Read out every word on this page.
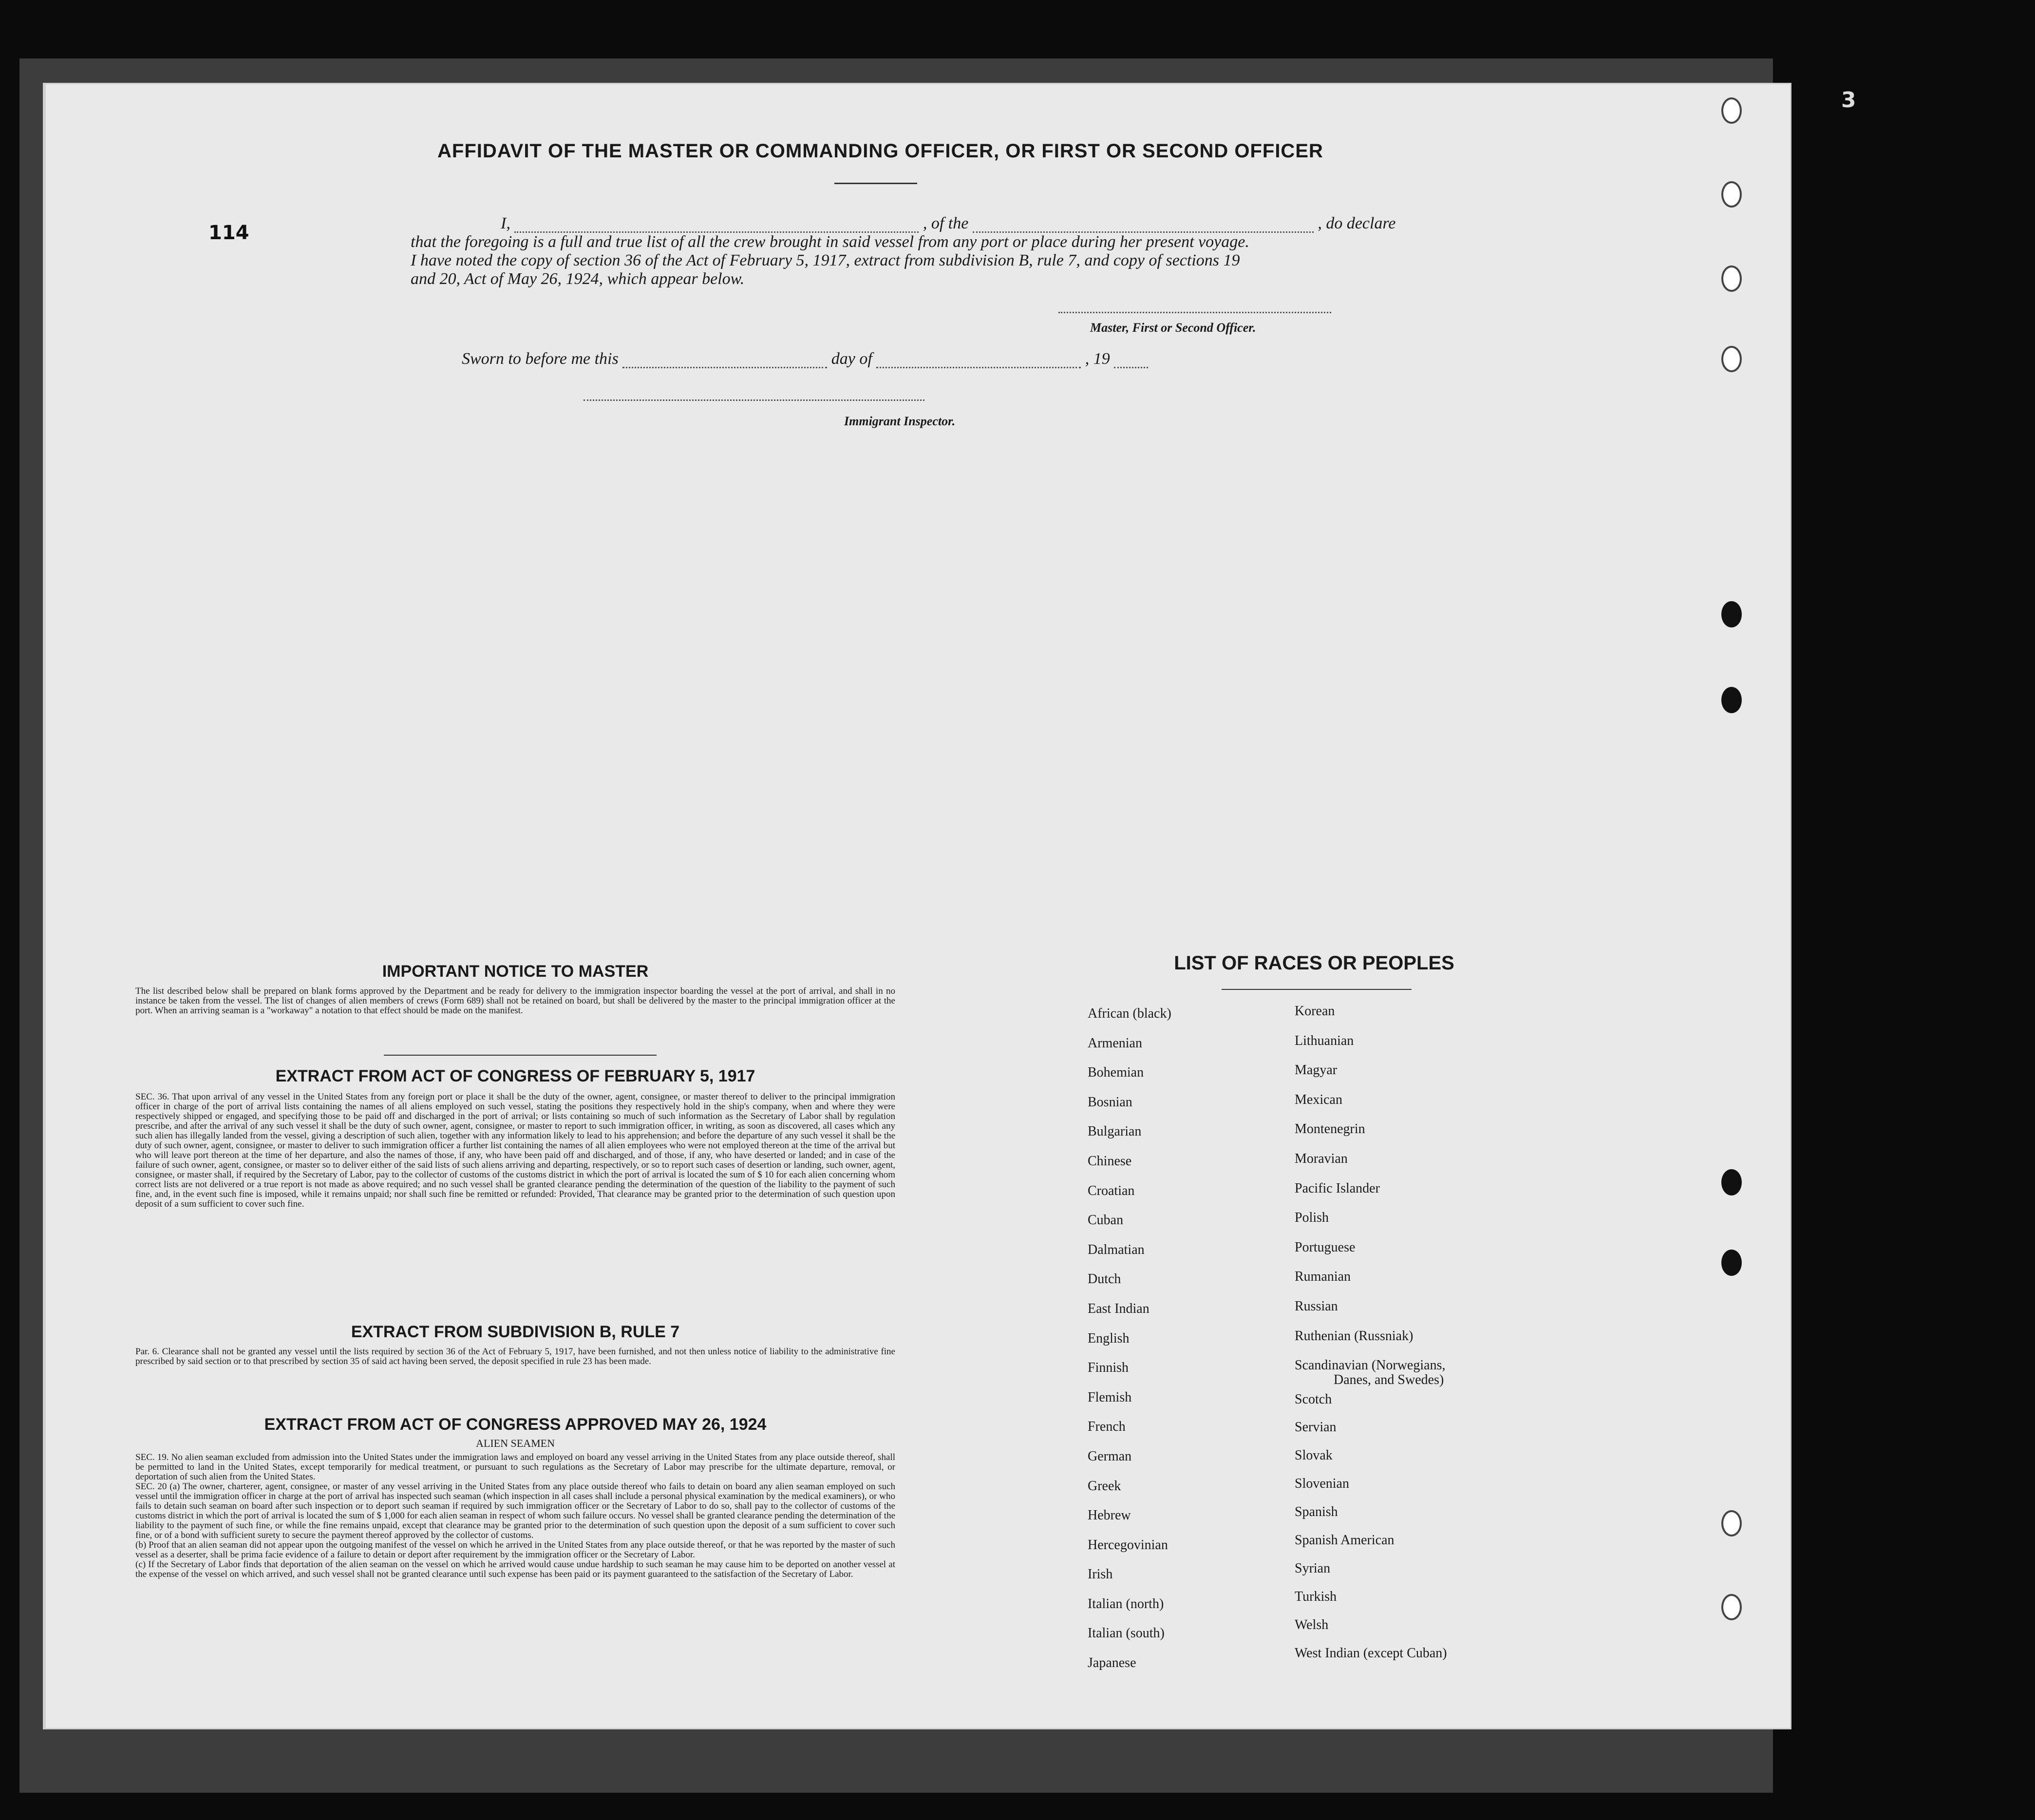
3
114
AFFIDAVIT OF THE MASTER OR COMMANDING OFFICER, OR FIRST OR SECOND OFFICER
I,	, of the	, do declare
that the foregoing is a full and true list of all the crew brought in said vessel from any port or place during her present voyage.
I have noted the copy of section 36 of the Act of February 5, 1917, extract from subdivision B, rule 7, and copy of sections 19
and 20, Act of May 26, 1924, which appear below.
Master, First or Second Officer.
Sworn to before me this	day of	, 19
Immigrant Inspector.
IMPORTANT NOTICE TO MASTER
The list described below shall be prepared on blank forms approved by the Department and be ready for delivery to the immigration inspector boarding the vessel at the port of arrival, and shall in no instance be taken from the vessel. The list of changes of alien members of crews (Form 689) shall not be retained on board, but shall be delivered by the master to the principal immigration officer at the port. When an arriving seaman is a "workaway" a notation to that effect should be made on the manifest.
EXTRACT FROM ACT OF CONGRESS OF FEBRUARY 5, 1917
SEC. 36. That upon arrival of any vessel in the United States from any foreign port or place it shall be the duty of the owner, agent, consignee, or master thereof to deliver to the principal immigration officer in charge of the port of arrival lists containing the names of all aliens employed on such vessel, stating the positions they respectively hold in the ship's company, when and where they were respectively shipped or engaged, and specifying those to be paid off and discharged in the port of arrival; or lists containing so much of such information as the Secretary of Labor shall by regulation prescribe, and after the arrival of any such vessel it shall be the duty of such owner, agent, consignee, or master to report to such immigration officer, in writing, as soon as discovered, all cases which any such alien has illegally landed from the vessel, giving a description of such alien, together with any information likely to lead to his apprehension; and before the departure of any such vessel it shall be the duty of such owner, agent, consignee, or master to deliver to such immigration officer a further list containing the names of all alien employees who were not employed thereon at the time of the arrival but who will leave port thereon at the time of her departure, and also the names of those, if any, who have been paid off and discharged, and of those, if any, who have deserted or landed; and in case of the failure of such owner, agent, consignee, or master so to deliver either of the said lists of such aliens arriving and departing, respectively, or so to report such cases of desertion or landing, such owner, agent, consignee, or master shall, if required by the Secretary of Labor, pay to the collector of customs of the customs district in which the port of arrival is located the sum of $ 10 for each alien concerning whom correct lists are not delivered or a true report is not made as above required; and no such vessel shall be granted clearance pending the determination of the question of the liability to the payment of such fine, and, in the event such fine is imposed, while it remains unpaid; nor shall such fine be remitted or refunded: Provided, That clearance may be granted prior to the determination of such question upon deposit of a sum sufficient to cover such fine.
EXTRACT FROM SUBDIVISION B, RULE 7
Par. 6. Clearance shall not be granted any vessel until the lists required by section 36 of the Act of February 5, 1917, have been furnished, and not then unless notice of liability to the administrative fine prescribed by said section or to that prescribed by section 35 of said act having been served, the deposit specified in rule 23 has been made.
EXTRACT FROM ACT OF CONGRESS APPROVED MAY 26, 1924
ALIEN SEAMEN
SEC. 19. No alien seaman excluded from admission into the United States under the immigration laws and employed on board any vessel arriving in the United States from any place outside thereof, shall be permitted to land in the United States, except temporarily for medical treatment, or pursuant to such regulations as the Secretary of Labor may prescribe for the ultimate departure, removal, or deportation of such alien from the United States.
SEC. 20 (a) The owner, charterer, agent, consignee, or master of any vessel arriving in the United States from any place outside thereof who fails to detain on board any alien seaman employed on such vessel until the immigration officer in charge at the port of arrival has inspected such seaman (which inspection in all cases shall include a personal physical examination by the medical examiners), or who fails to detain such seaman on board after such inspection or to deport such seaman if required by such immigration officer or the Secretary of Labor to do so, shall pay to the collector of customs of the customs district in which the port of arrival is located the sum of $ 1,000 for each alien seaman in respect of whom such failure occurs. No vessel shall be granted clearance pending the determination of the liability to the payment of such fine, or while the fine remains unpaid, except that clearance may be granted prior to the determination of such question upon the deposit of a sum sufficient to cover such fine, or of a bond with sufficient surety to secure the payment thereof approved by the collector of customs.
(b) Proof that an alien seaman did not appear upon the outgoing manifest of the vessel on which he arrived in the United States from any place outside thereof, or that he was reported by the master of such vessel as a deserter, shall be prima facie evidence of a failure to detain or deport after requirement by the immigration officer or the Secretary of Labor.
(c) If the Secretary of Labor finds that deportation of the alien seaman on the vessel on which he arrived would cause undue hardship to such seaman he may cause him to be deported on another vessel at the expense of the vessel on which arrived, and such vessel shall not be granted clearance until such expense has been paid or its payment guaranteed to the satisfaction of the Secretary of Labor.
LIST OF RACES OR PEOPLES
African (black)
Armenian
Bohemian
Bosnian
Bulgarian
Chinese
Croatian
Cuban
Dalmatian
Dutch
East Indian
English
Finnish
Flemish
French
German
Greek
Hebrew
Hercegovinian
Irish
Italian (north)
Italian (south)
Japanese
Korean
Lithuanian
Magyar
Mexican
Montenegrin
Moravian
Pacific Islander
Polish
Portuguese
Rumanian
Russian
Ruthenian (Russniak)
Scandinavian (Norwegians,
Danes, and Swedes)
Scotch
Servian
Slovak
Slovenian
Spanish
Spanish American
Syrian
Turkish
Welsh
West Indian (except Cuban)
